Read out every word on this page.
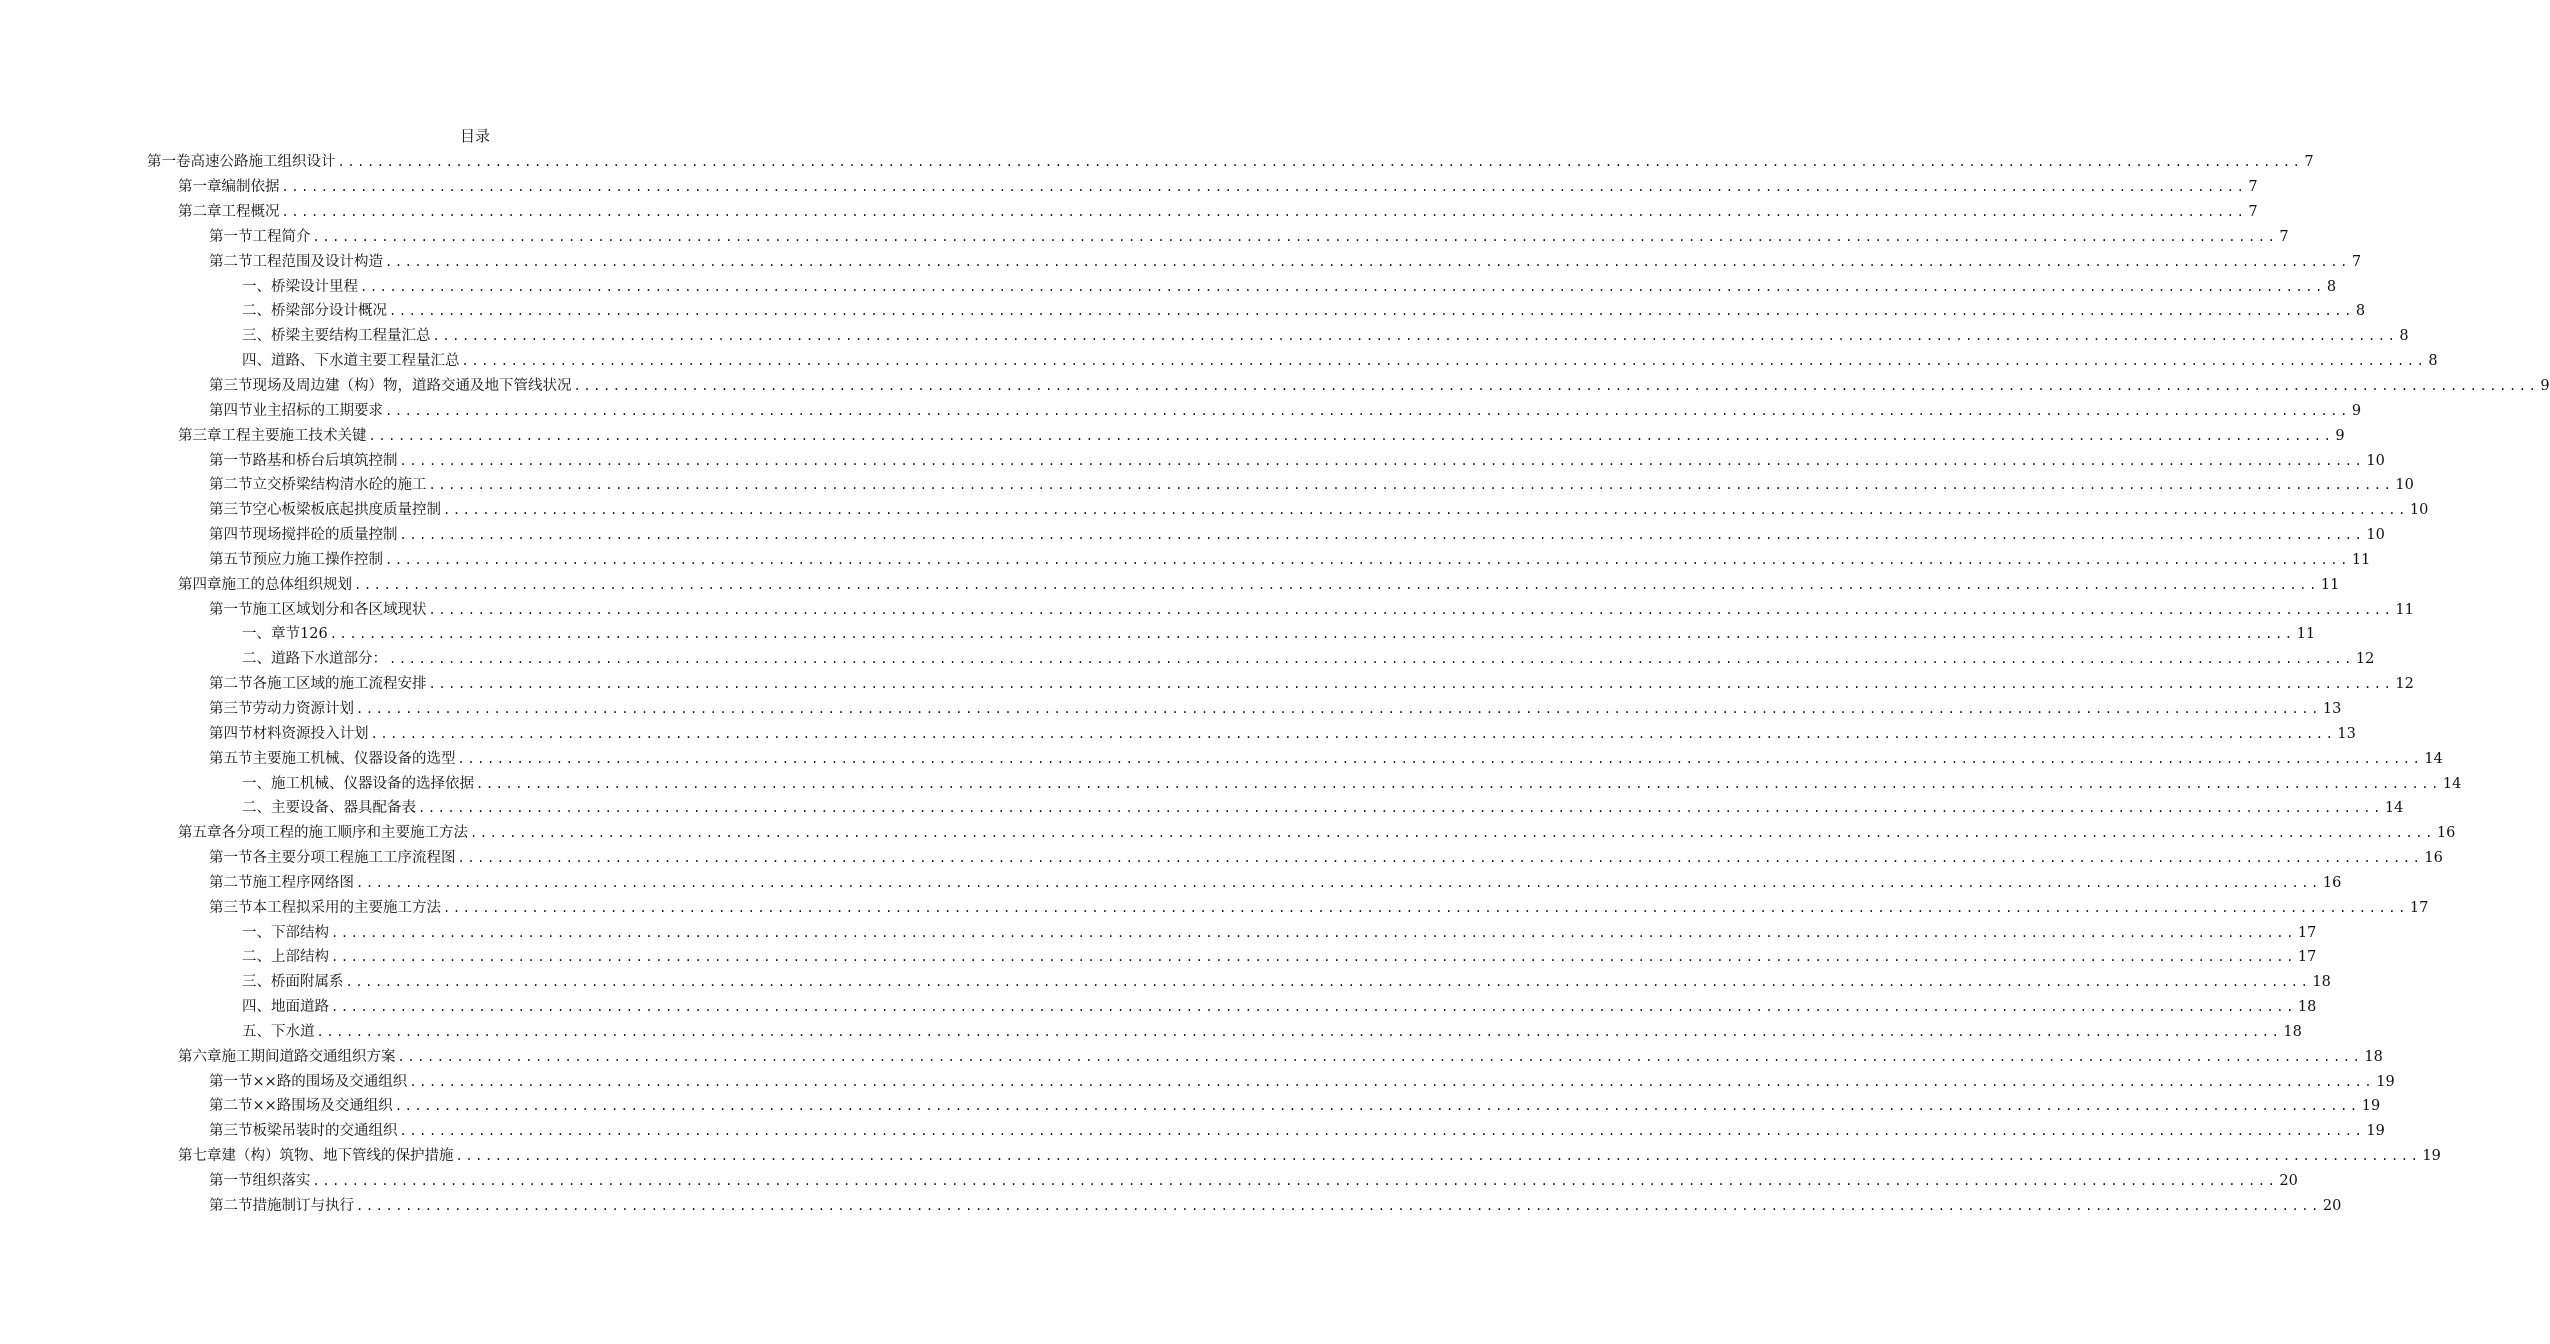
目录
第一卷 高速公路施工组织设计 ........................................................................................................................................................................................................ 7
第一章 编制依据 ........................................................................................................................................................................................................ 7
第二章 工程概况 ........................................................................................................................................................................................................ 7
第一节 工程简介 ........................................................................................................................................................................................................ 7
第二节 工程范围及设计构造 ........................................................................................................................................................................................................ 7
一、 桥梁设计里程 ........................................................................................................................................................................................................ 8
二、 桥梁部分设计概况 ........................................................................................................................................................................................................ 8
三、 桥梁主要结构工程量汇总 ........................................................................................................................................................................................................ 8
四、 道路、下水道主要工程量汇总 ........................................................................................................................................................................................................ 8
第三节 现场及周边建（构）物，道路交通及地下管线状况 ........................................................................................................................................................................................................ 9
第四节 业主招标的工期要求 ........................................................................................................................................................................................................ 9
第三章 工程主要施工技术关键 ........................................................................................................................................................................................................ 9
第一节 路基和桥台后填筑控制 ........................................................................................................................................................................................................ 10
第二节 立交桥梁结构清水砼的施工 ........................................................................................................................................................................................................ 10
第三节 空心板梁板底起拱度质量控制 ........................................................................................................................................................................................................ 10
第四节 现场搅拌砼的质量控制 ........................................................................................................................................................................................................ 10
第五节 预应力施工操作控制 ........................................................................................................................................................................................................ 11
第四章 施工的总体组织规划 ........................................................................................................................................................................................................ 11
第一节 施工区域划分和各区域现状 ........................................................................................................................................................................................................ 11
一、 章节126 ........................................................................................................................................................................................................ 11
二、 道路下水道部分： ........................................................................................................................................................................................................ 12
第二节 各施工区域的施工流程安排 ........................................................................................................................................................................................................ 12
第三节 劳动力资源计划 ........................................................................................................................................................................................................ 13
第四节 材料资源投入计划 ........................................................................................................................................................................................................ 13
第五节 主要施工机械、仪器设备的选型 ........................................................................................................................................................................................................ 14
一、 施工机械、仪器设备的选择依据 ........................................................................................................................................................................................................ 14
二、 主要设备、器具配备表 ........................................................................................................................................................................................................ 14
第五章 各分项工程的施工顺序和主要施工方法 ........................................................................................................................................................................................................ 16
第一节 各主要分项工程施工工序流程图 ........................................................................................................................................................................................................ 16
第二节 施工程序网络图 ........................................................................................................................................................................................................ 16
第三节 本工程拟采用的主要施工方法 ........................................................................................................................................................................................................ 17
一、 下部结构 ........................................................................................................................................................................................................ 17
二、 上部结构 ........................................................................................................................................................................................................ 17
三、 桥面附属系 ........................................................................................................................................................................................................ 18
四、 地面道路 ........................................................................................................................................................................................................ 18
五、 下水道 ........................................................................................................................................................................................................ 18
第六章 施工期间道路交通组织方案 ........................................................................................................................................................................................................ 18
第一节 ××路的围场及交通组织 ........................................................................................................................................................................................................ 19
第二节 ××路围场及交通组织 ........................................................................................................................................................................................................ 19
第三节 板梁吊装时的交通组织 ........................................................................................................................................................................................................ 19
第七章 建（构）筑物、地下管线的保护措施 ........................................................................................................................................................................................................ 19
第一节 组织落实 ........................................................................................................................................................................................................ 20
第二节 措施制订与执行 ........................................................................................................................................................................................................ 20
